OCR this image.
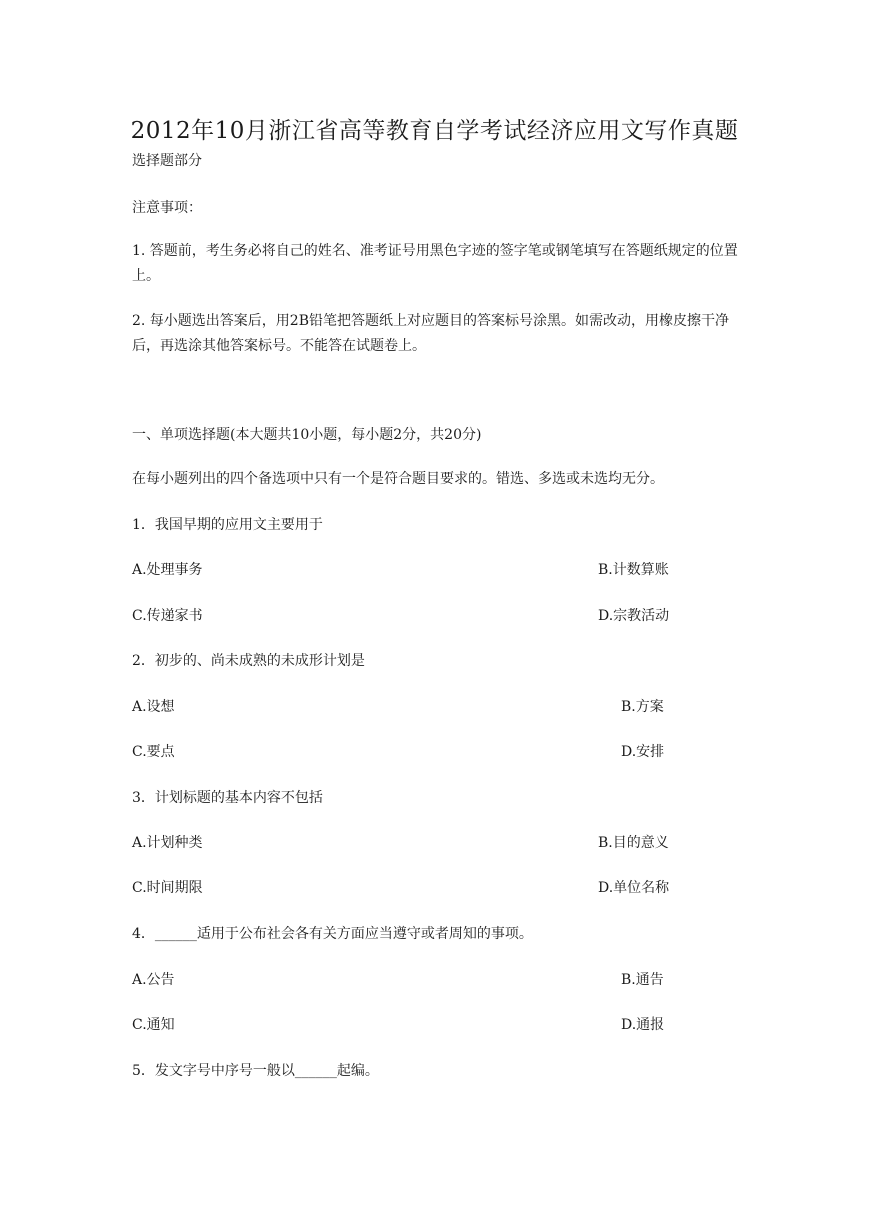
2012年10月浙江省高等教育自学考试经济应用文写作真题
选择题部分
注意事项：
1. 答题前，考生务必将自己的姓名、准考证号用黑色字迹的签字笔或钢笔填写在答题纸规定的位置上。
2. 每小题选出答案后，用2B铅笔把答题纸上对应题目的答案标号涂黑。如需改动，用橡皮擦干净后，再选涂其他答案标号。不能答在试题卷上。
一、单项选择题(本大题共10小题，每小题2分，共20分)
在每小题列出的四个备选项中只有一个是符合题目要求的。错选、多选或未选均无分。
1．我国早期的应用文主要用于
A.处理事务	B.计数算账
C.传递家书	D.宗教活动
2．初步的、尚未成熟的未成形计划是
A.设想	B.方案
C.要点	D.安排
3．计划标题的基本内容不包括
A.计划种类	B.目的意义
C.时间期限	D.单位名称
4．______适用于公布社会各有关方面应当遵守或者周知的事项。
A.公告	B.通告
C.通知	D.通报
5．发文字号中序号一般以______起编。
